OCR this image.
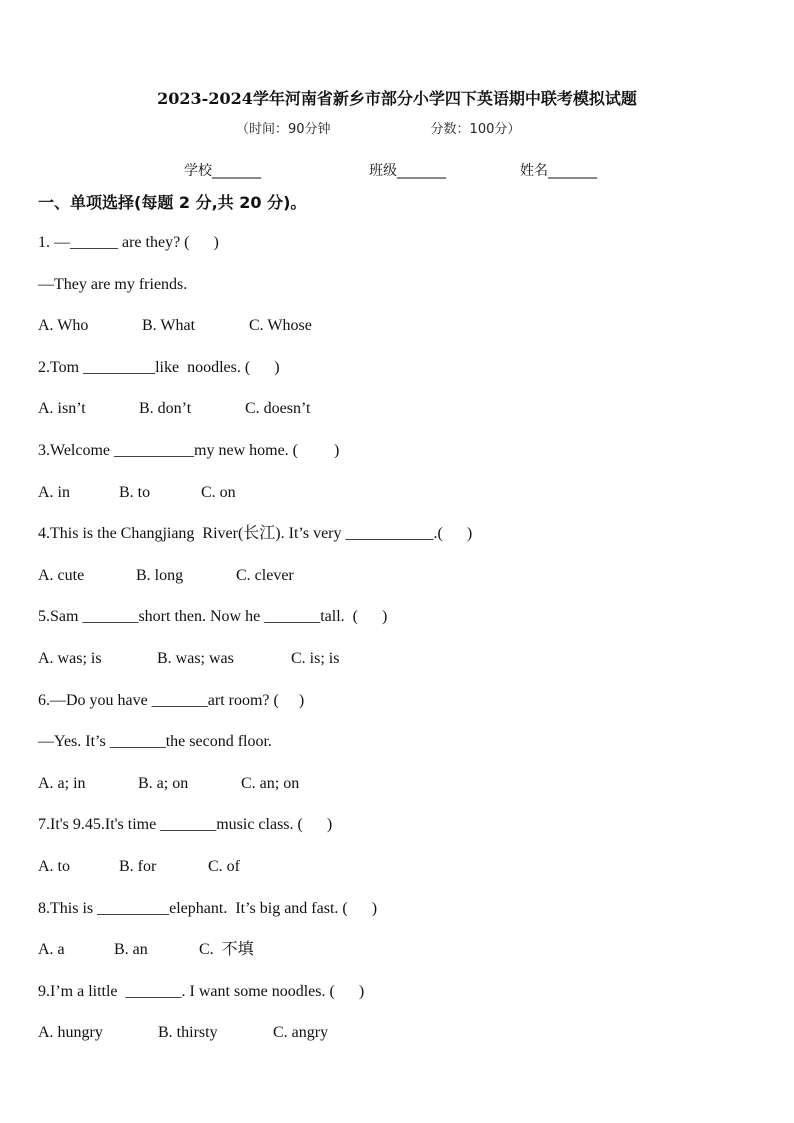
2023-2024学年河南省新乡市部分小学四下英语期中联考模拟试题
（时间：90分钟	分数：100分）
学校_______	班级_______	姓名_______
一、单项选择(每题 2 分,共 20 分)。
1. —______ are they? (      )
—They are my friends.
A. Who	B. What	C. Whose
2.Tom _________like  noodles. (      )
A. isn’t	B. don’t	C. doesn’t
3.Welcome __________my new home. (         )
A. in	B. to	C. on
4.This is the Changjiang  River(长江). It’s very ___________.(      )
A. cute	B. long	C. clever
5.Sam _______short then. Now he _______tall.  (      )
A. was; is	B. was; was	C. is; is
6.—Do you have _______art room? (     )
—Yes. It’s _______the second floor.
A. a; in	B. a; on	C. an; on
7.It's 9.45.It's time _______music class. (      )
A. to	B. for	C. of
8.This is _________elephant.  It’s big and fast. (      )
A. a	B. an	C.  不填
9.I’m a little  _______. I want some noodles. (      )
A. hungry	B. thirsty	C. angry
